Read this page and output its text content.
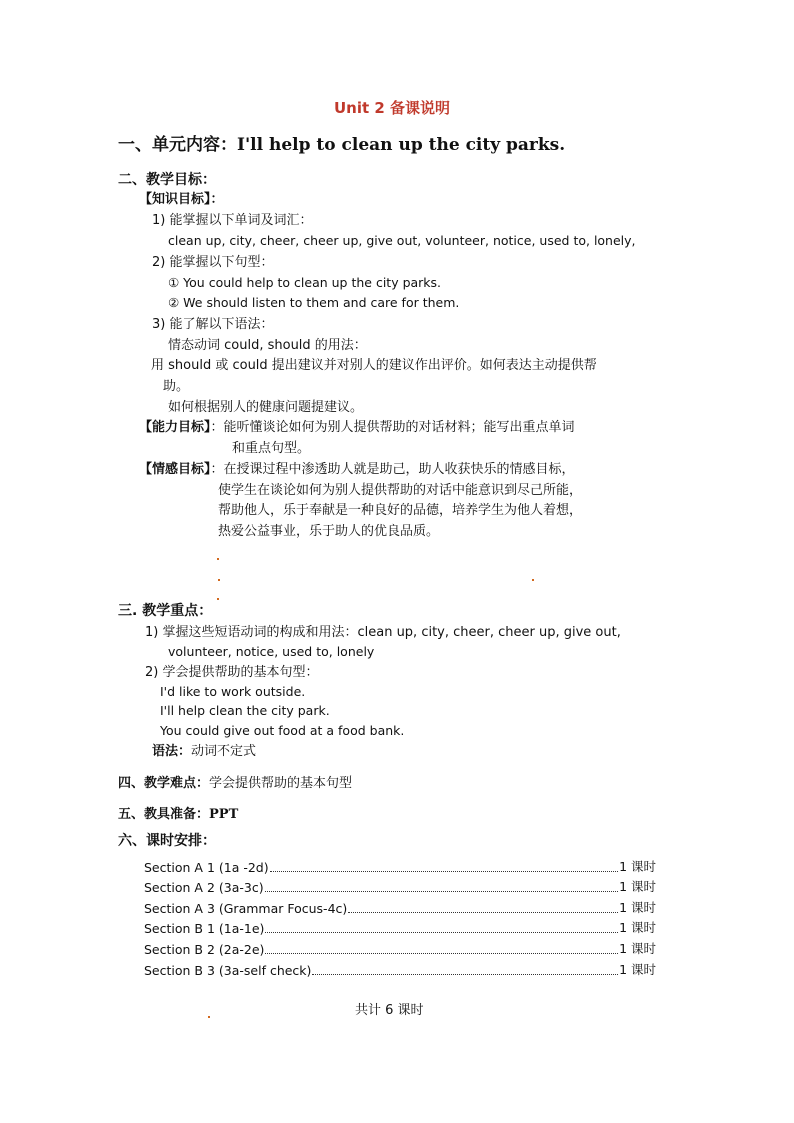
Unit 2 备课说明
一、单元内容：I'll help to clean up the city parks.
二、教学目标：
【知识目标】：
1) 能掌握以下单词及词汇：
clean up, city, cheer, cheer up, give out, volunteer, notice, used to, lonely,
2) 能掌握以下句型：
① You could help to clean up the city parks.
② We should listen to them and care for them.
3) 能了解以下语法：
情态动词 could, should 的用法：
用 should 或 could 提出建议并对别人的建议作出评价。如何表达主动提供帮
助。
如何根据别人的健康问题提建议。
【能力目标】：能听懂谈论如何为别人提供帮助的对话材料；能写出重点单词
和重点句型。
【情感目标】：在授课过程中渗透助人就是助己，助人收获快乐的情感目标，
使学生在谈论如何为别人提供帮助的对话中能意识到尽己所能，
帮助他人，乐于奉献是一种良好的品德，培养学生为他人着想，
热爱公益事业，乐于助人的优良品质。
三. 教学重点：
1) 掌握这些短语动词的构成和用法：clean up, city, cheer, cheer up, give out,
volunteer, notice, used to, lonely
2) 学会提供帮助的基本句型：
I'd like to work outside.
I'll help clean the city park.
You could give out food at a food bank.
语法：动词不定式
四、教学难点：学会提供帮助的基本句型
五、教具准备：PPT
六、课时安排：
Section A 1 (1a -2d)	1 课时
Section A 2 (3a-3c)	1 课时
Section A 3 (Grammar Focus-4c)	1 课时
Section B 1 (1a-1e)	1 课时
Section B 2 (2a-2e)	1 课时
Section B 3 (3a-self check)	1 课时
共计 6 课时
